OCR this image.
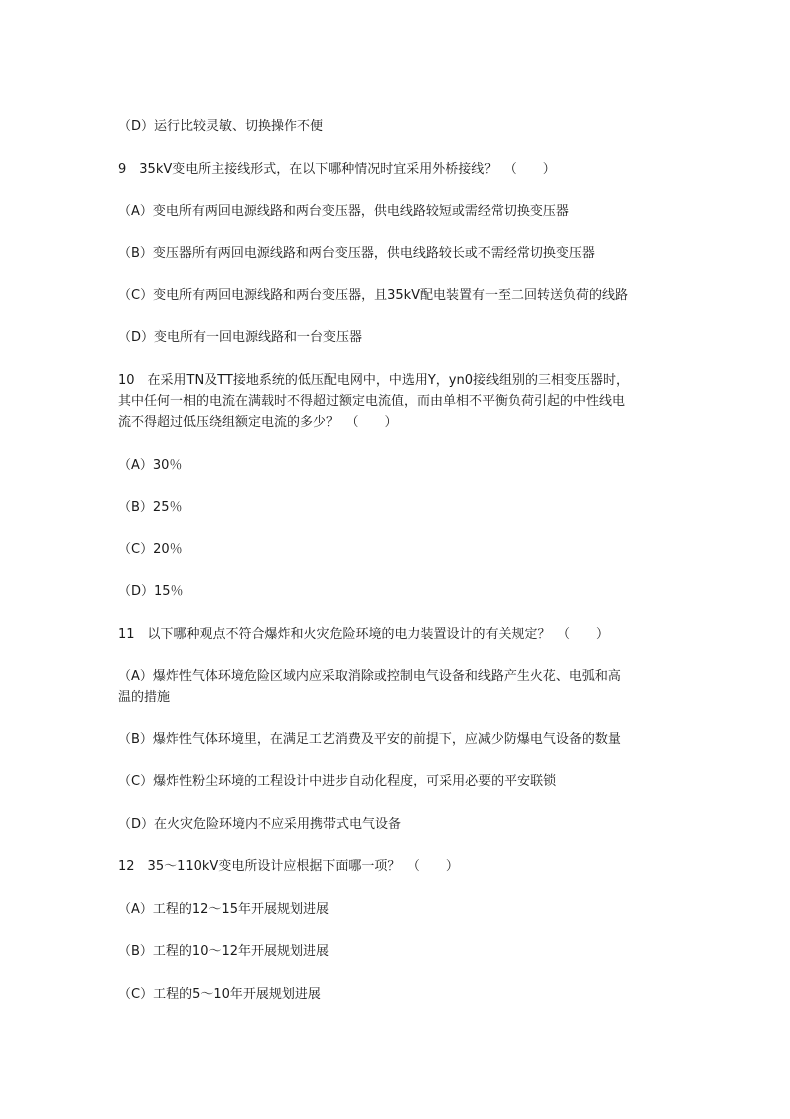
（D）运行比较灵敏、切换操作不便
9　35kV变电所主接线形式，在以下哪种情况时宜采用外桥接线？　（　　）
（A）变电所有两回电源线路和两台变压器，供电线路较短或需经常切换变压器
（B）变压器所有两回电源线路和两台变压器，供电线路较长或不需经常切换变压器
（C）变电所有两回电源线路和两台变压器，且35kV配电装置有一至二回转送负荷的线路
（D）变电所有一回电源线路和一台变压器
10　在采用TN及TT接地系统的低压配电网中，中选用Y，yn0接线组别的三相变压器时，
其中任何一相的电流在满载时不得超过额定电流值，而由单相不平衡负荷引起的中性线电
流不得超过低压绕组额定电流的多少？　（　　）
（A）30％
（B）25％
（C）20％
（D）15％
11　以下哪种观点不符合爆炸和火灾危险环境的电力装置设计的有关规定？　（　　）
（A）爆炸性气体环境危险区域内应采取消除或控制电气设备和线路产生火花、电弧和高
温的措施
（B）爆炸性气体环境里，在满足工艺消费及平安的前提下，应减少防爆电气设备的数量
（C）爆炸性粉尘环境的工程设计中进步自动化程度，可采用必要的平安联锁
（D）在火灾危险环境内不应采用携带式电气设备
12　35～110kV变电所设计应根据下面哪一项？　（　　）
（A）工程的12～15年开展规划进展
（B）工程的10～12年开展规划进展
（C）工程的5～10年开展规划进展
